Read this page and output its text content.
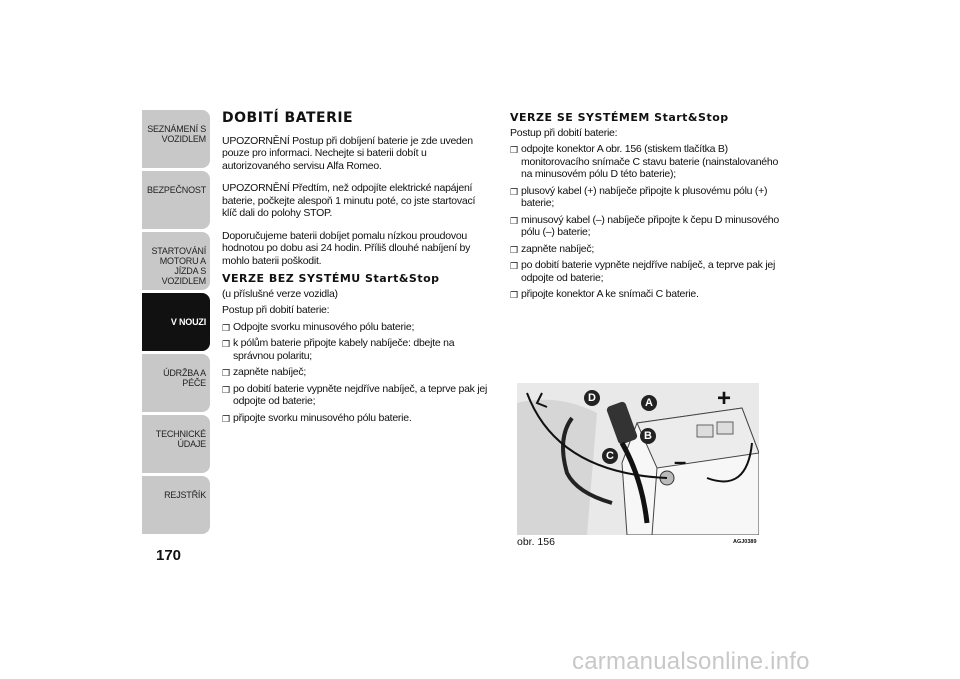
SEZNÁMENÍ S VOZIDLEM
BEZPEČNOST
STARTOVÁNÍ MOTORU A JÍZDA S VOZIDLEM
V NOUZI
ÚDRŽBA A PÉČE
TECHNICKÉ ÚDAJE
REJSTŘÍK
170
DOBITÍ BATERIE

UPOZORNĚNÍ Postup při dobíjení baterie je zde uveden pouze pro informaci. Nechejte si baterii dobít u autorizovaného servisu Alfa Romeo.

UPOZORNĚNÍ Předtím, než odpojíte elektrické napájení baterie, počkejte alespoň 1 minutu poté, co jste startovací klíč dali do polohy STOP.

Doporučujeme baterii dobíjet pomalu nízkou proudovou hodnotou po dobu asi 24 hodin. Příliš dlouhé nabíjení by mohlo baterii poškodit.

VERZE BEZ SYSTÉMU Start&Stop

(u příslušné verze vozidla)

Postup při dobití baterie:

❒ Odpojte svorku minusového pólu baterie;
❒ k pólům baterie připojte kabely nabíječe: dbejte na správnou polaritu;
❒ zapněte nabíječ;
❒ po dobití baterie vypněte nejdříve nabíječ, a teprve pak jej odpojte od baterie;
❒ připojte svorku minusového pólu baterie.
VERZE SE SYSTÉMEM Start&Stop

Postup při dobití baterie:

❒ odpojte konektor A obr. 156 (stiskem tlačítka B) monitorovacího snímače C stavu baterie (nainstalovaného na minusovém pólu D této baterie);
❒ plusový kabel (+) nabíječe připojte k plusovému pólu (+) baterie;
❒ minusový kabel (–) nabíječe připojte k čepu D minusového pólu (–) baterie;
❒ zapněte nabíječ;
❒ po dobití baterie vypněte nejdříve nabíječ, a teprve pak jej odpojte od baterie;
❒ připojte konektor A ke snímači C baterie.
D	A
B
C
+
–
obr. 156	AGJ0389
carmanualsonline.info
